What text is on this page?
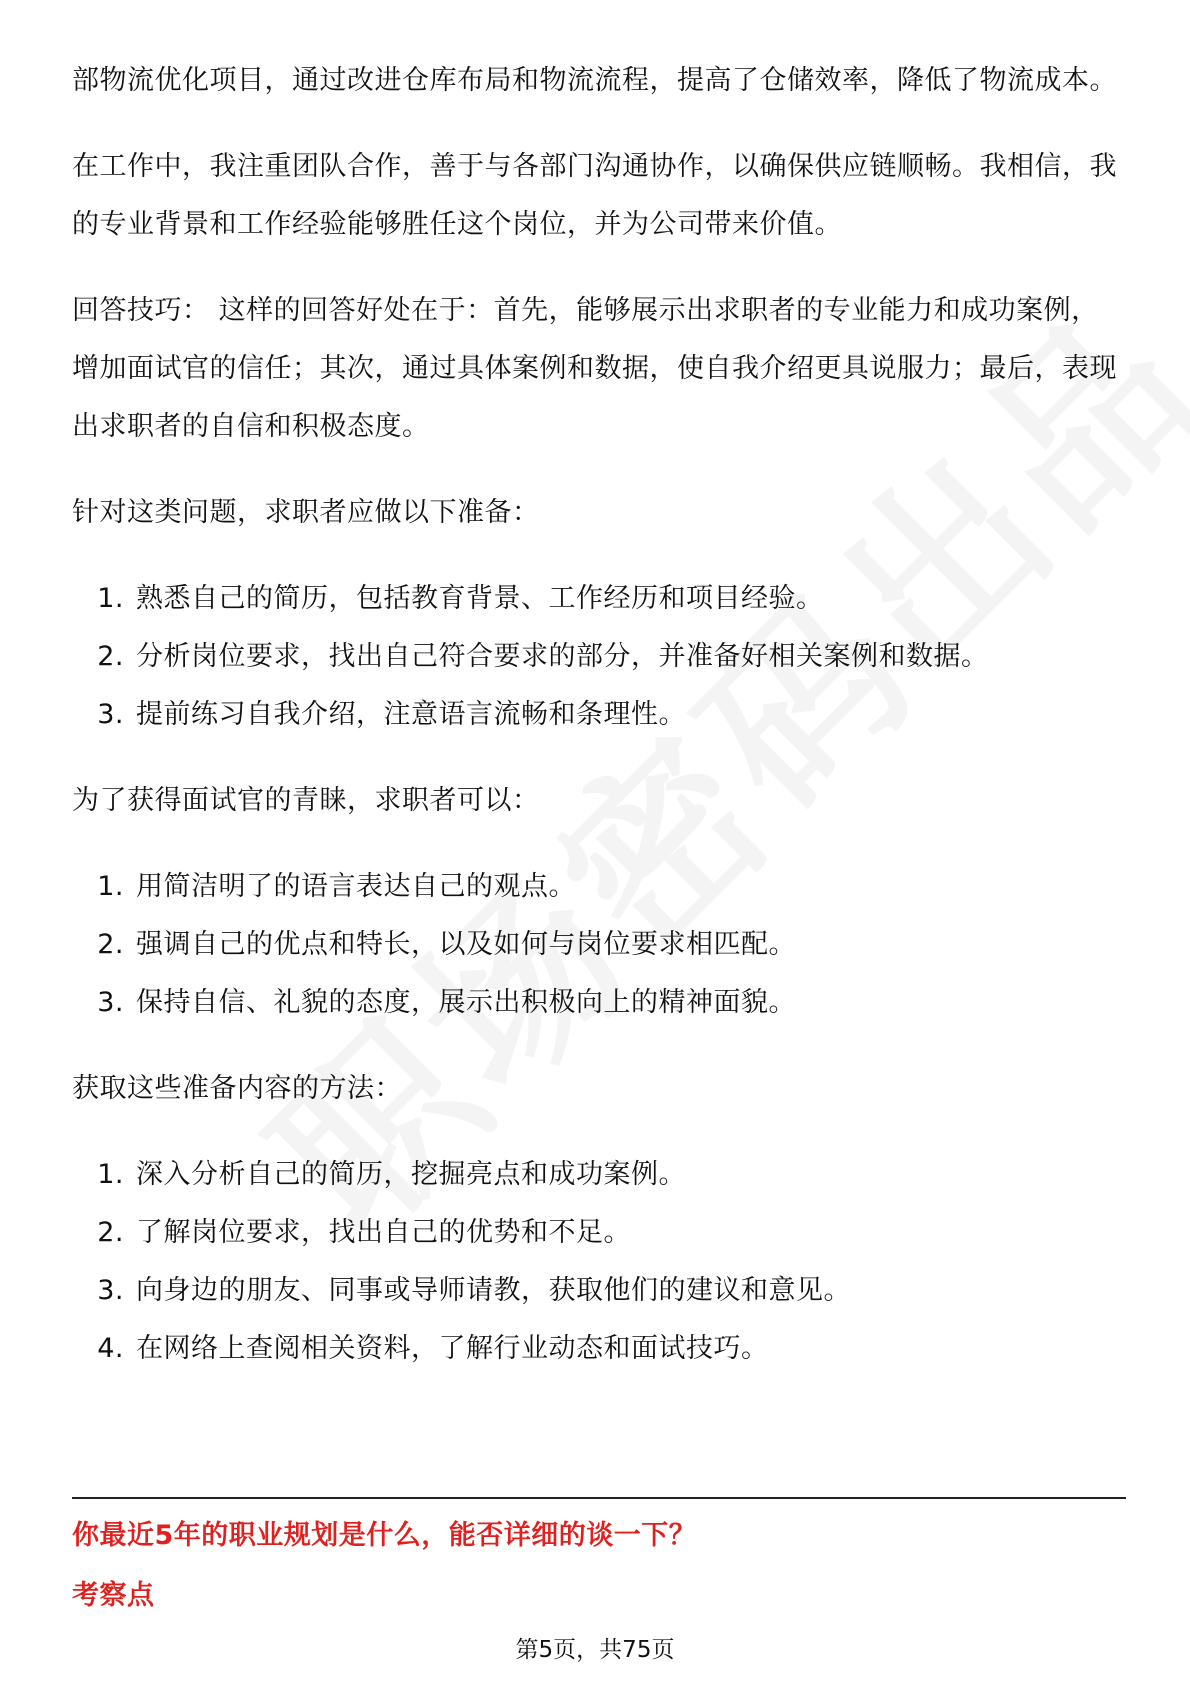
部物流优化项目，通过改进仓库布局和物流流程，提高了仓储效率，降低了物流成本。

在工作中，我注重团队合作，善于与各部门沟通协作，以确保供应链顺畅。我相信，我的专业背景和工作经验能够胜任这个岗位，并为公司带来价值。

回答技巧： 这样的回答好处在于：首先，能够展示出求职者的专业能力和成功案例，增加面试官的信任；其次，通过具体案例和数据，使自我介绍更具说服力；最后，表现出求职者的自信和积极态度。

针对这类问题，求职者应做以下准备：

1. 熟悉自己的简历，包括教育背景、工作经历和项目经验。
2. 分析岗位要求，找出自己符合要求的部分，并准备好相关案例和数据。
3. 提前练习自我介绍，注意语言流畅和条理性。

为了获得面试官的青睐，求职者可以：

1. 用简洁明了的语言表达自己的观点。
2. 强调自己的优点和特长，以及如何与岗位要求相匹配。
3. 保持自信、礼貌的态度，展示出积极向上的精神面貌。

获取这些准备内容的方法：

1. 深入分析自己的简历，挖掘亮点和成功案例。
2. 了解岗位要求，找出自己的优势和不足。
3. 向身边的朋友、同事或导师请教，获取他们的建议和意见。
4. 在网络上查阅相关资料，了解行业动态和面试技巧。
你最近5年的职业规划是什么，能否详细的谈一下？
考察点
第5页，共75页
